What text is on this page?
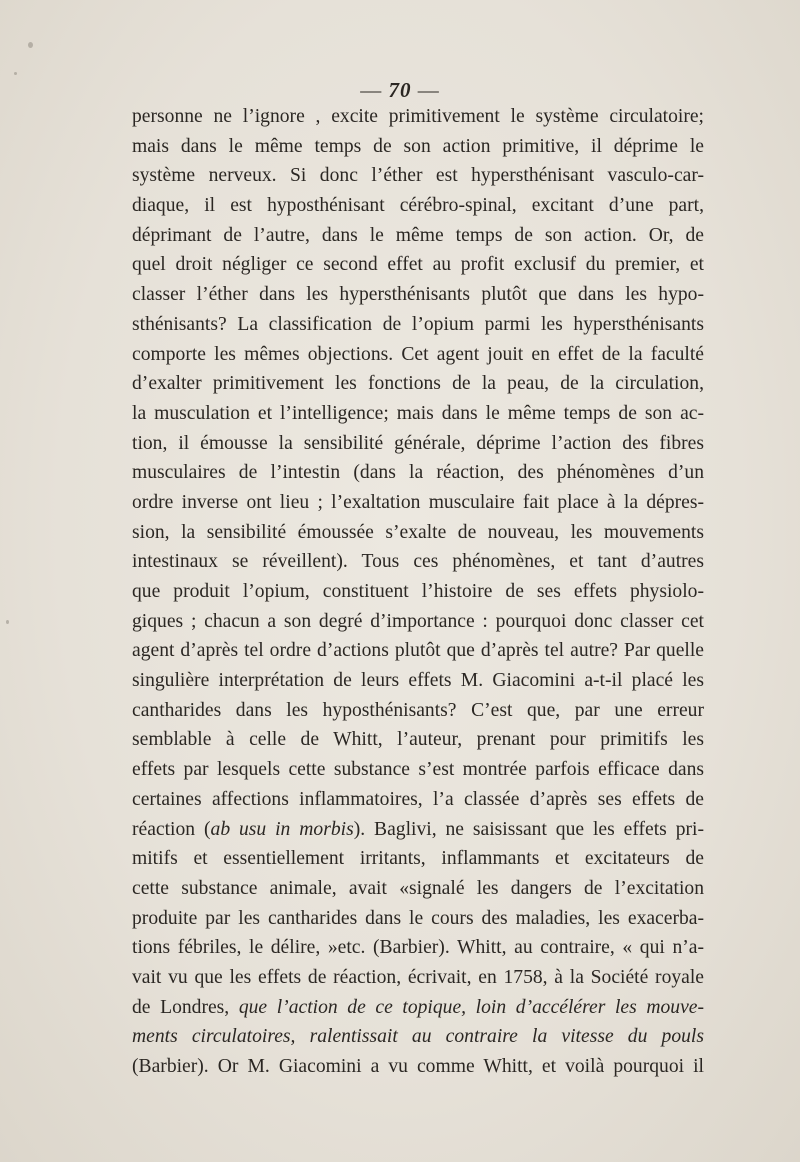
— 70 —
personne ne l’ignore , excite primitivement le système circulatoire;
mais dans le même temps de son action primitive, il déprime le
système nerveux. Si donc l’éther est hypersthénisant vasculo-car-
diaque, il est hyposthénisant cérébro-spinal, excitant d’une part,
déprimant de l’autre, dans le même temps de son action. Or, de
quel droit négliger ce second effet au profit exclusif du premier, et
classer l’éther dans les hypersthénisants plutôt que dans les hypo-
sthénisants? La classification de l’opium parmi les hypersthénisants
comporte les mêmes objections. Cet agent jouit en effet de la faculté
d’exalter primitivement les fonctions de la peau, de la circulation,
la musculation et l’intelligence; mais dans le même temps de son ac-
tion, il émousse la sensibilité générale, déprime l’action des fibres
musculaires de l’intestin (dans la réaction, des phénomènes d’un
ordre inverse ont lieu ; l’exaltation musculaire fait place à la dépres-
sion, la sensibilité émoussée s’exalte de nouveau, les mouvements
intestinaux se réveillent). Tous ces phénomènes, et tant d’autres
que produit l’opium, constituent l’histoire de ses effets physiolo-
giques ; chacun a son degré d’importance : pourquoi donc classer cet
agent d’après tel ordre d’actions plutôt que d’après tel autre? Par quelle
singulière interprétation de leurs effets M. Giacomini a-t-il placé les
cantharides dans les hyposthénisants? C’est que, par une erreur
semblable à celle de Whitt, l’auteur, prenant pour primitifs les
effets par lesquels cette substance s’est montrée parfois efficace dans
certaines affections inflammatoires, l’a classée d’après ses effets de
réaction (ab usu in morbis). Baglivi, ne saisissant que les effets pri-
mitifs et essentiellement irritants, inflammants et excitateurs de
cette substance animale, avait «signalé les dangers de l’excitation
produite par les cantharides dans le cours des maladies, les exacerba-
tions fébriles, le délire, »etc. (Barbier). Whitt, au contraire, « qui n’a-
vait vu que les effets de réaction, écrivait, en 1758, à la Société royale
de Londres, que l’action de ce topique, loin d’accélérer les mouve-
ments circulatoires, ralentissait au contraire la vitesse du pouls
(Barbier). Or M. Giacomini a vu comme Whitt, et voilà pourquoi il
